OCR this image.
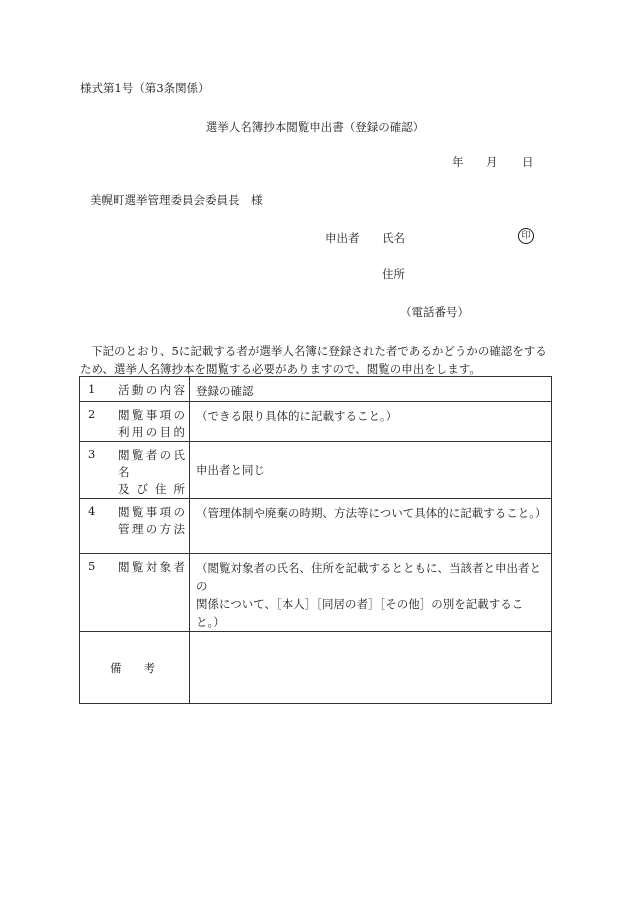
様式第1号（第3条関係）
選挙人名簿抄本閲覧申出書（登録の確認）
年 月 日
美幌町選挙管理委員会委員長　様
申出者 氏名	印
住所
（電話番号）

下記のとおり、5に記載する者が選挙人名簿に登録された者であるかどうかの確認をする

ため、選挙人名簿抄本を閲覧する必要がありますので、閲覧の申出をします。

1 活動の内容	登録の確認

2 閲覧事項の
利用の目的	（できる限り具体的に記載すること。）

3 閲覧者の氏名
及び住所	申出者と同じ

4 閲覧事項の
管理の方法	（管理体制や廃棄の時期、方法等について具体的に記載すること。）

5 閲覧対象者	（閲覧対象者の氏名、住所を記載するとともに、当該者と申出者との
関係について、［本人］［同居の者］［その他］の別を記載すること。）

備考	
